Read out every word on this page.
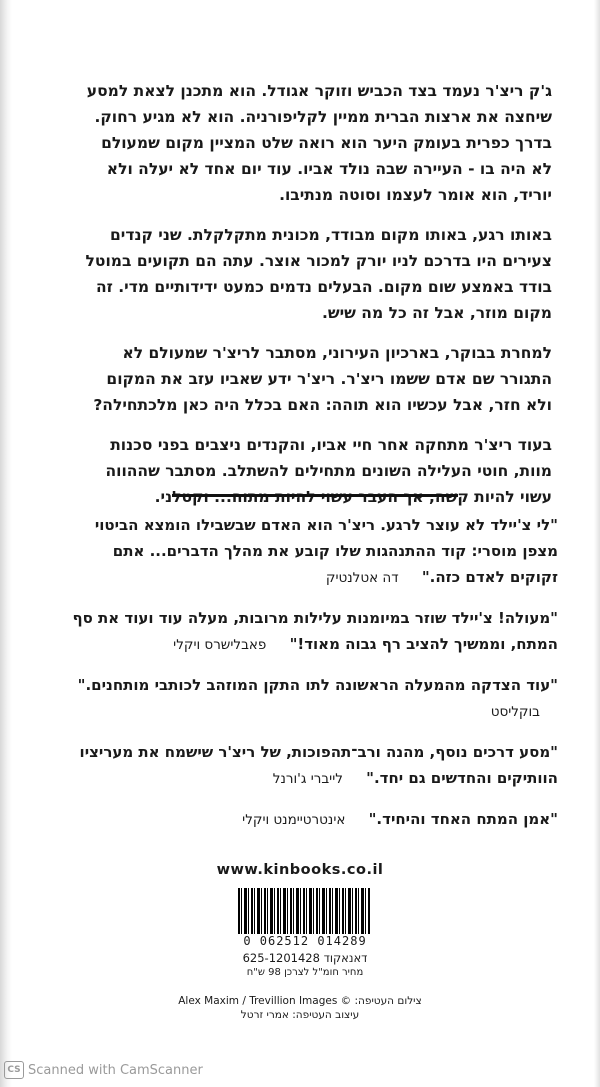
ג'ק ריצ'ר נעמד בצד הכביש וזוקר אגודל. הוא מתכנן לצאת למסע שיחצה את ארצות הברית ממיין לקליפורניה. הוא לא מגיע רחוק. בדרך כפרית בעומק היער הוא רואה שלט המציין מקום שמעולם לא היה בו - העיירה שבה נולד אביו. עוד יום אחד לא יעלה ולא יוריד, הוא אומר לעצמו וסוטה מנתיבו.

באותו רגע, באותו מקום מבודד, מכונית מתקלקלת. שני קנדים צעירים היו בדרכם לניו יורק למכור אוצר. עתה הם תקועים במוטל בודד באמצע שום מקום. הבעלים נדמים כמעט ידידותיים מדי. זה מקום מוזר, אבל זה כל מה שיש.

למחרת בבוקר, בארכיון העירוני, מסתבר לריצ'ר שמעולם לא התגורר שם אדם ששמו ריצ'ר. ריצ'ר ידע שאביו עזב את המקום ולא חזר, אבל עכשיו הוא תוהה: האם בכלל היה כאן מלכתחילה?

בעוד ריצ'ר מתחקה אחר חיי אביו, והקנדים ניצבים בפני סכנות מוות, חוטי העלילה השונים מתחילים להשתלב. מסתבר שההווה עשוי להיות קשה, אך העבר עשוי להיות מתוח... וקטלני.

"לי צ'יילד לא עוצר לרגע. ריצ'ר הוא האדם שבשבילו הומצא הביטוי מצפן מוסרי: קוד ההתנהגות שלו קובע את מהלך הדברים... אתם זקוקים לאדם כזה." דה אטלנטיק

"מעולה! צ'יילד שוזר במיומנות עלילות מרובות, מעלה עוד ועוד את סף המתח, וממשיך להציב רף גבוה מאוד!" פאבלישרס ויקלי

"עוד הצדקה מהמעלה הראשונה לתו התקן המוזהב לכותבי מותחנים." בוקליסט

"מסע דרכים נוסף, מהנה ורב־תהפוכות, של ריצ'ר שישמח את מעריציו הוותיקים והחדשים גם יחד." לייברי ג'ורנל

"אמן המתח האחד והיחיד." אינטרטיימנט ויקלי

www.kinbooks.co.il
0 062512 014289
דאנאקוד 625-1201428
מחיר חומ"ל לצרכן 98 ש"ח
צילום העטיפה: © Alex Maxim / Trevillion Images
עיצוב העטיפה: אמרי זרטל
CS Scanned with CamScanner
